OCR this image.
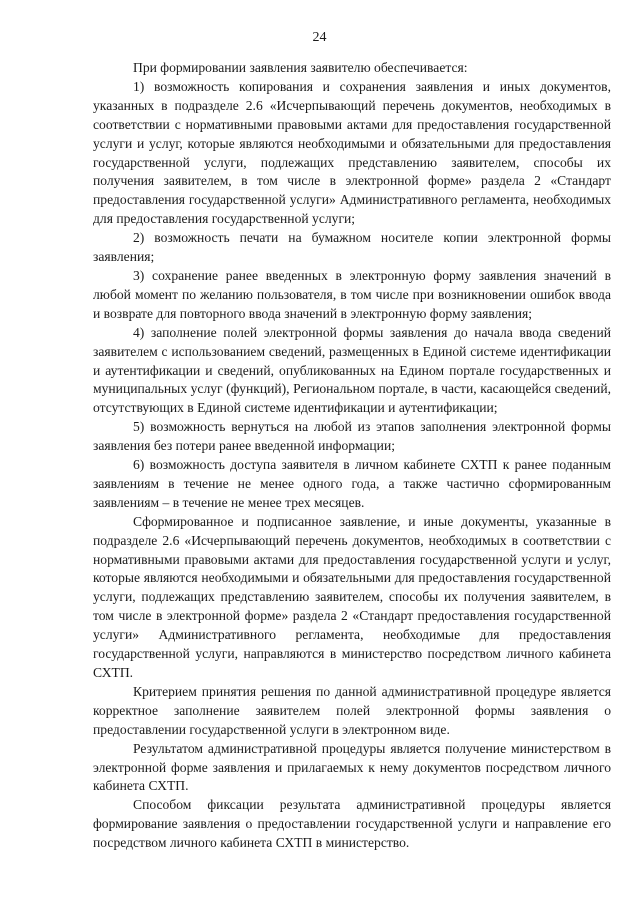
24

При формировании заявления заявителю обеспечивается:

1) возможность копирования и сохранения заявления и иных документов, указанных в подразделе 2.6 «Исчерпывающий перечень документов, необходимых в соответствии с нормативными правовыми актами для предоставления государственной услуги и услуг, которые являются необходимыми и обязательными для предоставления государственной услуги, подлежащих представлению заявителем, способы их получения заявителем, в том числе в электронной форме» раздела 2 «Стандарт предоставления государственной услуги» Административного регламента, необходимых для предоставления государственной услуги;

2) возможность печати на бумажном носителе копии электронной формы заявления;

3) сохранение ранее введенных в электронную форму заявления значений в любой момент по желанию пользователя, в том числе при возникновении ошибок ввода и возврате для повторного ввода значений в электронную форму заявления;

4) заполнение полей электронной формы заявления до начала ввода сведений заявителем с использованием сведений, размещенных в Единой системе идентификации и аутентификации и сведений, опубликованных на Едином портале государственных и муниципальных услуг (функций), Региональном портале, в части, касающейся сведений, отсутствующих в Единой системе идентификации и аутентификации;

5) возможность вернуться на любой из этапов заполнения электронной формы заявления без потери ранее введенной информации;

6) возможность доступа заявителя в личном кабинете СХТП к ранее поданным заявлениям в течение не менее одного года, а также частично сформированным заявлениям – в течение не менее трех месяцев.

Сформированное и подписанное заявление, и иные документы, указанные в подразделе 2.6 «Исчерпывающий перечень документов, необходимых в соответствии с нормативными правовыми актами для предоставления государственной услуги и услуг, которые являются необходимыми и обязательными для предоставления государственной услуги, подлежащих представлению заявителем, способы их получения заявителем, в том числе в электронной форме» раздела 2 «Стандарт предоставления государственной услуги» Административного регламента, необходимые для предоставления государственной услуги, направляются в министерство посредством личного кабинета СХТП.

Критерием принятия решения по данной административной процедуре является корректное заполнение заявителем полей электронной формы заявления о предоставлении государственной услуги в электронном виде.

Результатом административной процедуры является получение министерством в электронной форме заявления и прилагаемых к нему документов посредством личного кабинета СХТП.

Способом фиксации результата административной процедуры является формирование заявления о предоставлении государственной услуги и направление его посредством личного кабинета СХТП в министерство.
